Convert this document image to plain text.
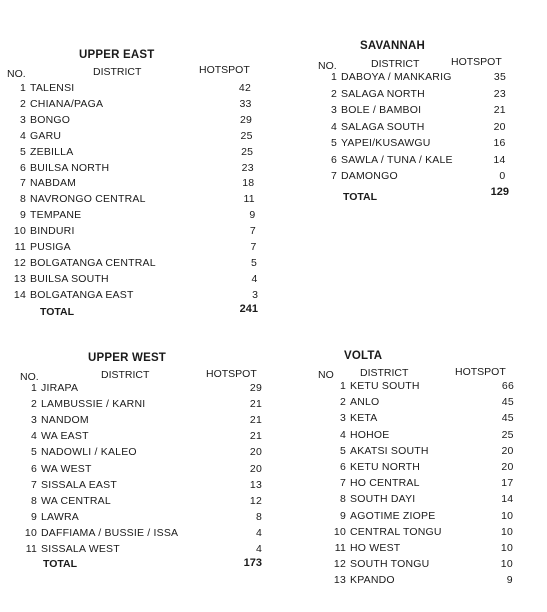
UPPER EAST
NO.	DISTRICT	HOTSPOT
1 TALENSI	42
2 CHIANA/PAGA	33
3 BONGO	29
4 GARU	25
5 ZEBILLA	25
6 BUILSA NORTH	23
7 NABDAM	18
8 NAVRONGO CENTRAL	11
9 TEMPANE	9
10 BINDURI	7
11 PUSIGA	7
12 BOLGATANGA CENTRAL	5
13 BUILSA SOUTH	4
14 BOLGATANGA EAST	3
TOTAL	241
SAVANNAH
NO.	DISTRICT	HOTSPOT
1 DABOYA / MANKARIG	35
2 SALAGA NORTH	23
3 BOLE / BAMBOI	21
4 SALAGA SOUTH	20
5 YAPEI/KUSAWGU	16
6 SAWLA / TUNA / KALE	14
7 DAMONGO	0
TOTAL	129
UPPER WEST
NO.	DISTRICT	HOTSPOT
1 JIRAPA	29
2 LAMBUSSIE / KARNI	21
3 NANDOM	21
4 WA EAST	21
5 NADOWLI / KALEO	20
6 WA WEST	20
7 SISSALA EAST	13
8 WA CENTRAL	12
9 LAWRA	8
10 DAFFIAMA / BUSSIE / ISSA	4
11 SISSALA WEST	4
TOTAL	173
VOLTA
NO	DISTRICT	HOTSPOT
1 KETU SOUTH	66
2 ANLO	45
3 KETA	45
4 HOHOE	25
5 AKATSI SOUTH	20
6 KETU NORTH	20
7 HO CENTRAL	17
8 SOUTH DAYI	14
9 AGOTIME ZIOPE	10
10 CENTRAL TONGU	10
11 HO WEST	10
12 SOUTH TONGU	10
13 KPANDO	9
